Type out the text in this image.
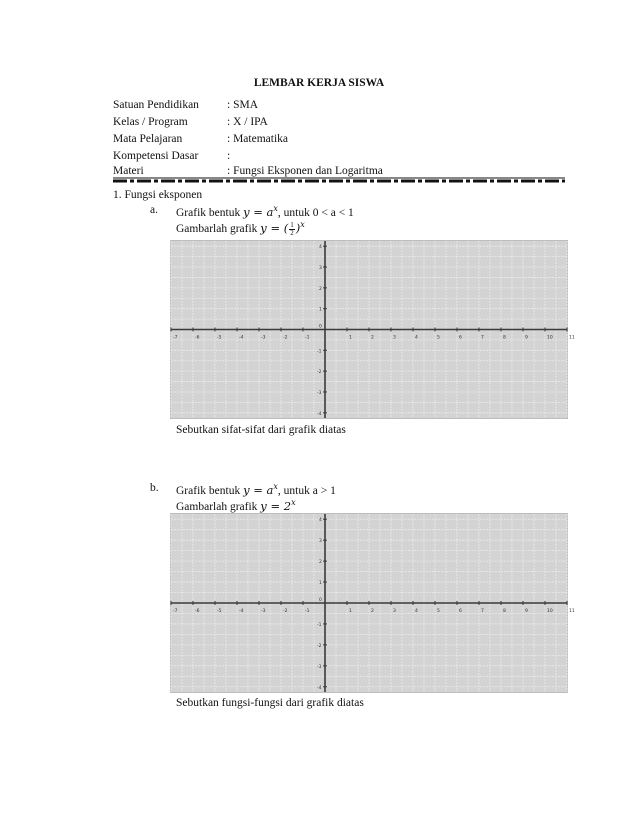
LEMBAR KERJA SISWA
Satuan Pendidikan : SMA
Kelas / Program	: X / IPA
Mata Pelajaran	: Matematika
Kompetensi Dasar :
Materi	: Fungsi Eksponen dan Logaritma
1. Fungsi eksponen
a. Grafik bentuk $y = a^x$, untuk 0 < a < 1
Gambarlah grafik y = ( $\frac{1}{2} )^x$
-7	-6	-5	-4	-3	-2	-1	1	2	3	4	5	6	7	8	9	10	11
0
4
3
2
1
-1
-2
-3
-4
Sebutkan sifat-sifat dari grafik diatas
b. Grafik bentuk $y = a^x$, untuk a > 1
Gambarlah grafik $y = 2^x$
-7	-6	-5	-4	-3	-2	-1	1	2	3	4	5	6	7	8	9	10	11
0
4
3
2
1
-1
-2
-3
-4
Sebutkan fungsi-fungsi dari grafik diatas
